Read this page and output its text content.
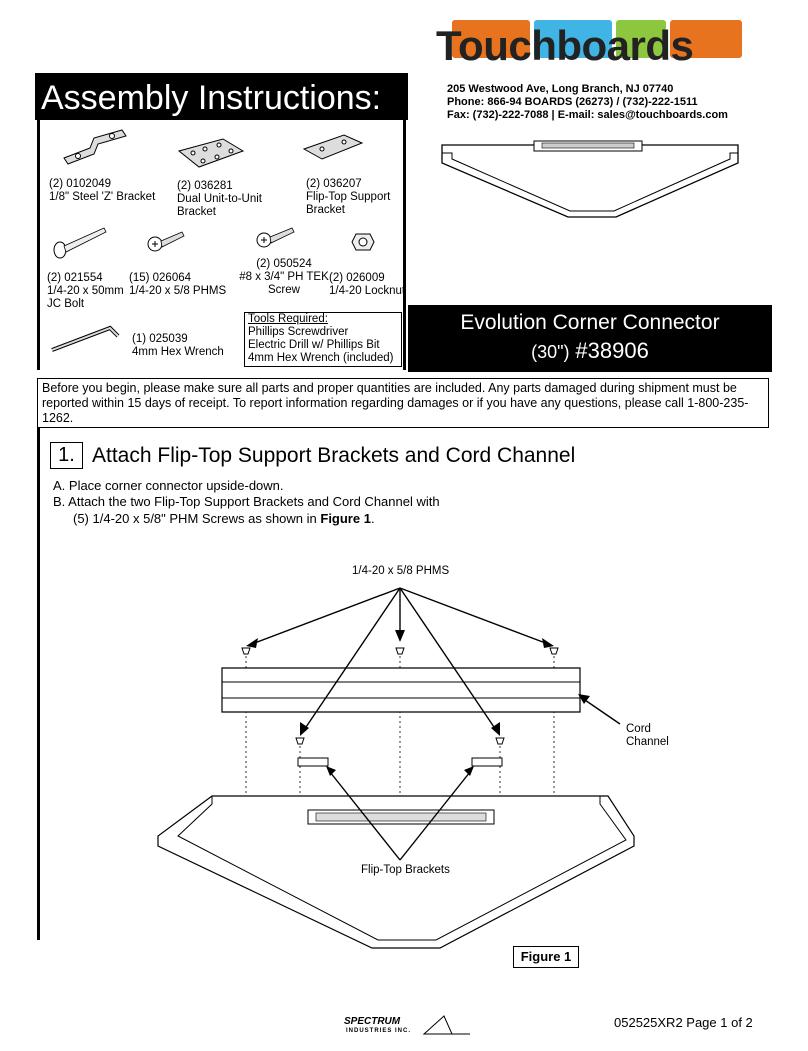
Touchboards
205 Westwood Ave, Long Branch, NJ 07740
Phone: 866-94 BOARDS (26273) / (732)-222-1511
Fax: (732)-222-7088 | E-mail: sales@touchboards.com
Assembly Instructions:
(2) 0102049
1/8" Steel 'Z' Bracket
(2) 036281
Dual Unit-to-Unit
Bracket
(2) 036207
Flip-Top Support
Bracket
(2) 021554
1/4-20 x 50mm
JC Bolt
(15) 026064
1/4-20 x 5/8 PHMS
(2) 050524
#8 x 3/4" PH TEK
Screw
(2) 026009
1/4-20 Locknut
(1) 025039
4mm Hex Wrench
Tools Required:
Phillips Screwdriver
Electric Drill w/ Phillips Bit
4mm Hex Wrench (included)
Evolution Corner Connector
(30") #38906
Before you begin, please make sure all parts and proper quantities are included. Any parts damaged during shipment must be reported within 15 days of receipt. To report information regarding damages or if you have any questions, please call 1-800-235-1262.
1. Attach Flip-Top Support Brackets and Cord Channel
A. Place corner connector upside-down.
B. Attach the two Flip-Top Support Brackets and Cord Channel with
(5) 1/4-20 x 5/8" PHM Screws as shown in Figure 1.
1/4-20 x 5/8 PHMS
Cord
Channel
Flip-Top Brackets
Figure 1
SPECTRUM
INDUSTRIES INC.
052525XR2 Page 1 of 2
